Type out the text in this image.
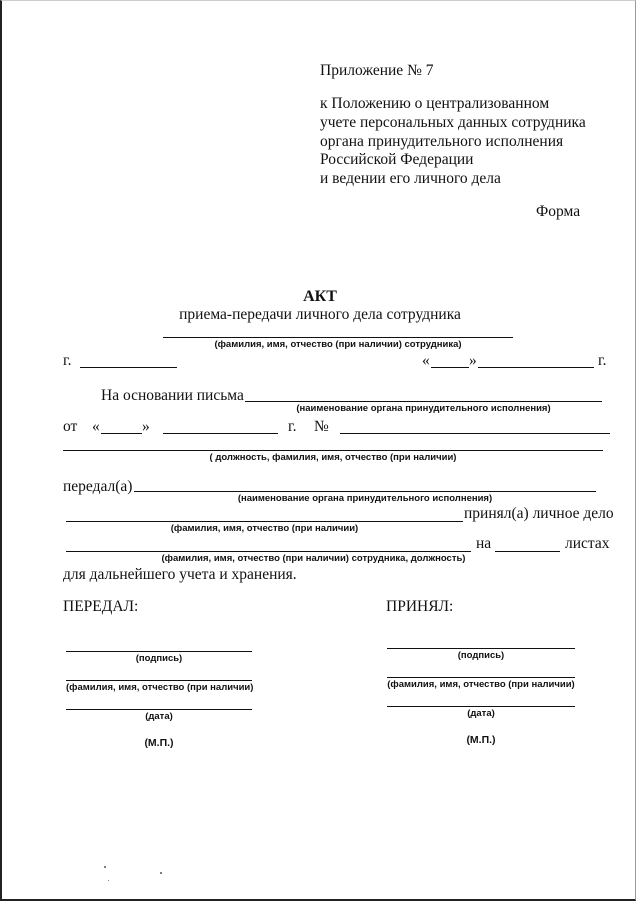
Приложение № 7
к Положению о централизованном
учете персональных данных сотрудника
органа принудительного исполнения
Российской Федерации
и ведении его личного дела
Форма
АКТ
приема-передачи личного дела сотрудника
(фамилия, имя, отчество (при наличии) сотрудника)
г.	«	»	г.
На основании письма
(наименование органа принудительного исполнения)
от «	»	г. №
( должность, фамилия, имя, отчество (при наличии)
передал(а)
(наименование органа принудительного исполнения)
принял(а) личное дело
(фамилия, имя, отчество (при наличии)
на	листах
(фамилия, имя, отчество (при наличии) сотрудника, должность)
для дальнейшего учета и хранения.
ПЕРЕДАЛ:
(подпись)
(фамилия, имя, отчество (при наличии)
(дата)
(М.П.)
ПРИНЯЛ:
(подпись)
(фамилия, имя, отчество (при наличии)
(дата)
(М.П.)
